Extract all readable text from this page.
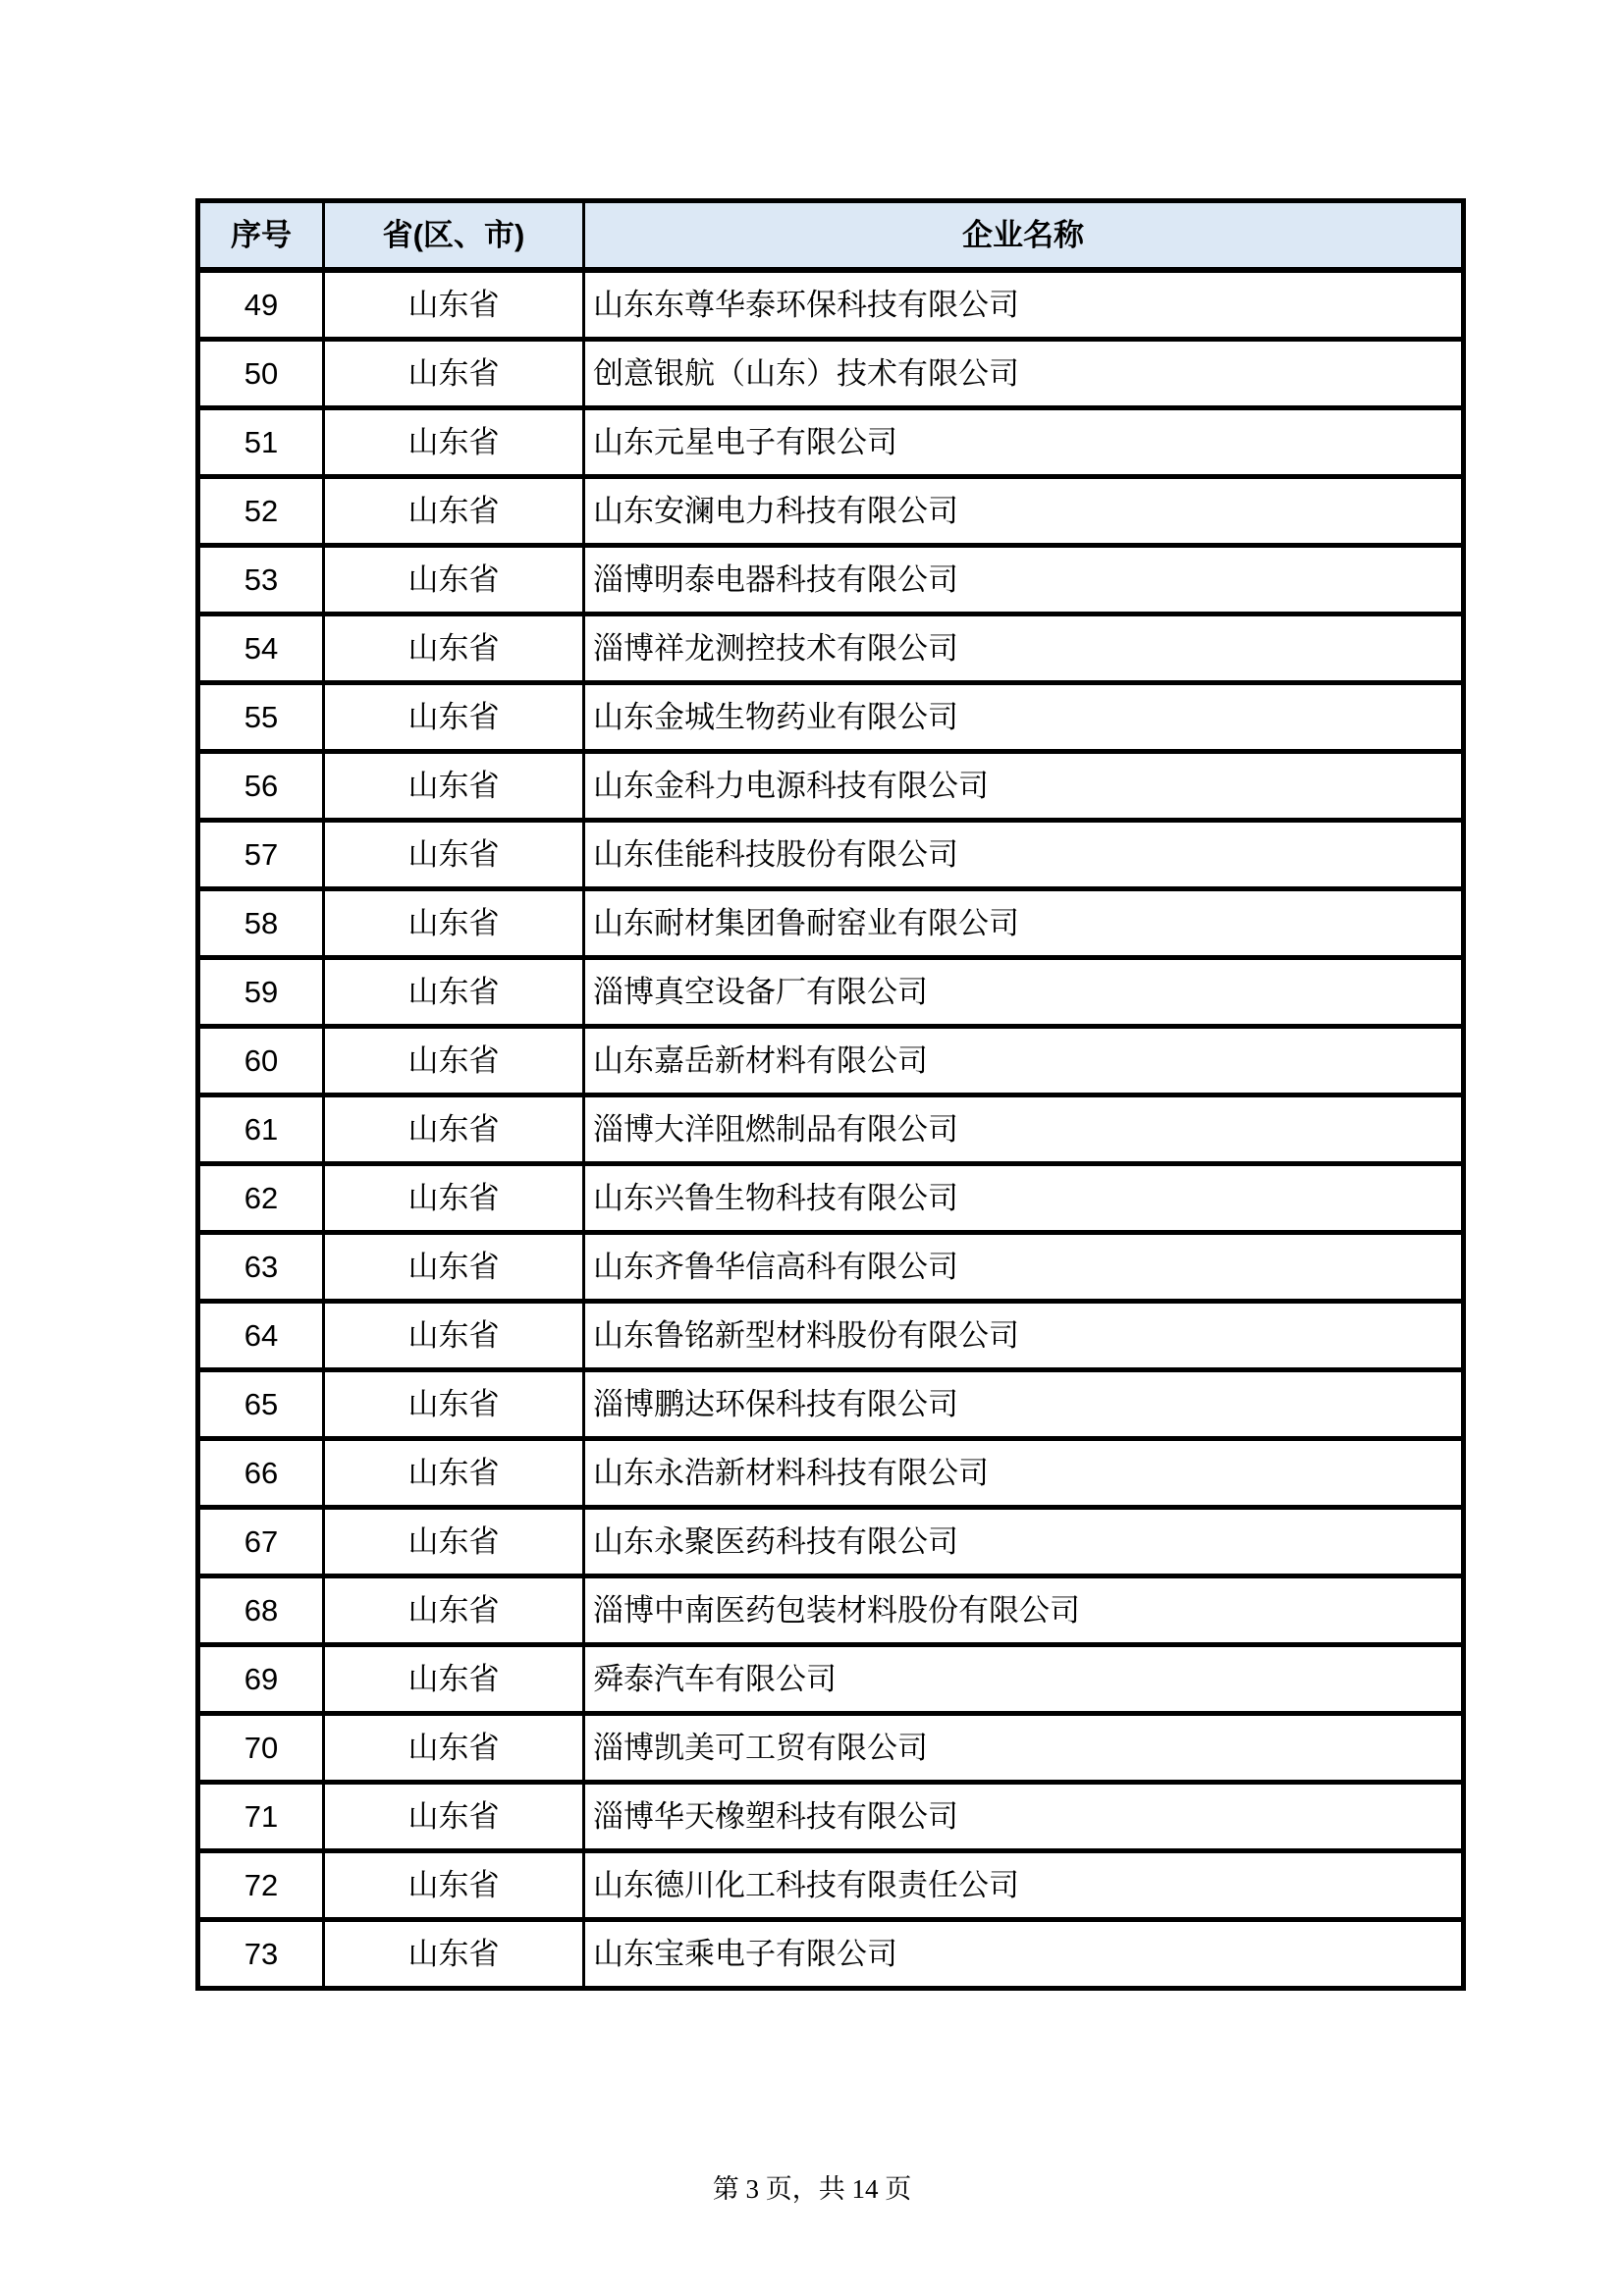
序号	省(区、市)	企业名称
49	山东省	山东东尊华泰环保科技有限公司
50	山东省	创意银航（山东）技术有限公司
51	山东省	山东元星电子有限公司
52	山东省	山东安澜电力科技有限公司
53	山东省	淄博明泰电器科技有限公司
54	山东省	淄博祥龙测控技术有限公司
55	山东省	山东金城生物药业有限公司
56	山东省	山东金科力电源科技有限公司
57	山东省	山东佳能科技股份有限公司
58	山东省	山东耐材集团鲁耐窑业有限公司
59	山东省	淄博真空设备厂有限公司
60	山东省	山东嘉岳新材料有限公司
61	山东省	淄博大洋阻燃制品有限公司
62	山东省	山东兴鲁生物科技有限公司
63	山东省	山东齐鲁华信高科有限公司
64	山东省	山东鲁铭新型材料股份有限公司
65	山东省	淄博鹏达环保科技有限公司
66	山东省	山东永浩新材料科技有限公司
67	山东省	山东永聚医药科技有限公司
68	山东省	淄博中南医药包装材料股份有限公司
69	山东省	舜泰汽车有限公司
70	山东省	淄博凯美可工贸有限公司
71	山东省	淄博华天橡塑科技有限公司
72	山东省	山东德川化工科技有限责任公司
73	山东省	山东宝乘电子有限公司
第 3 页，共 14 页
